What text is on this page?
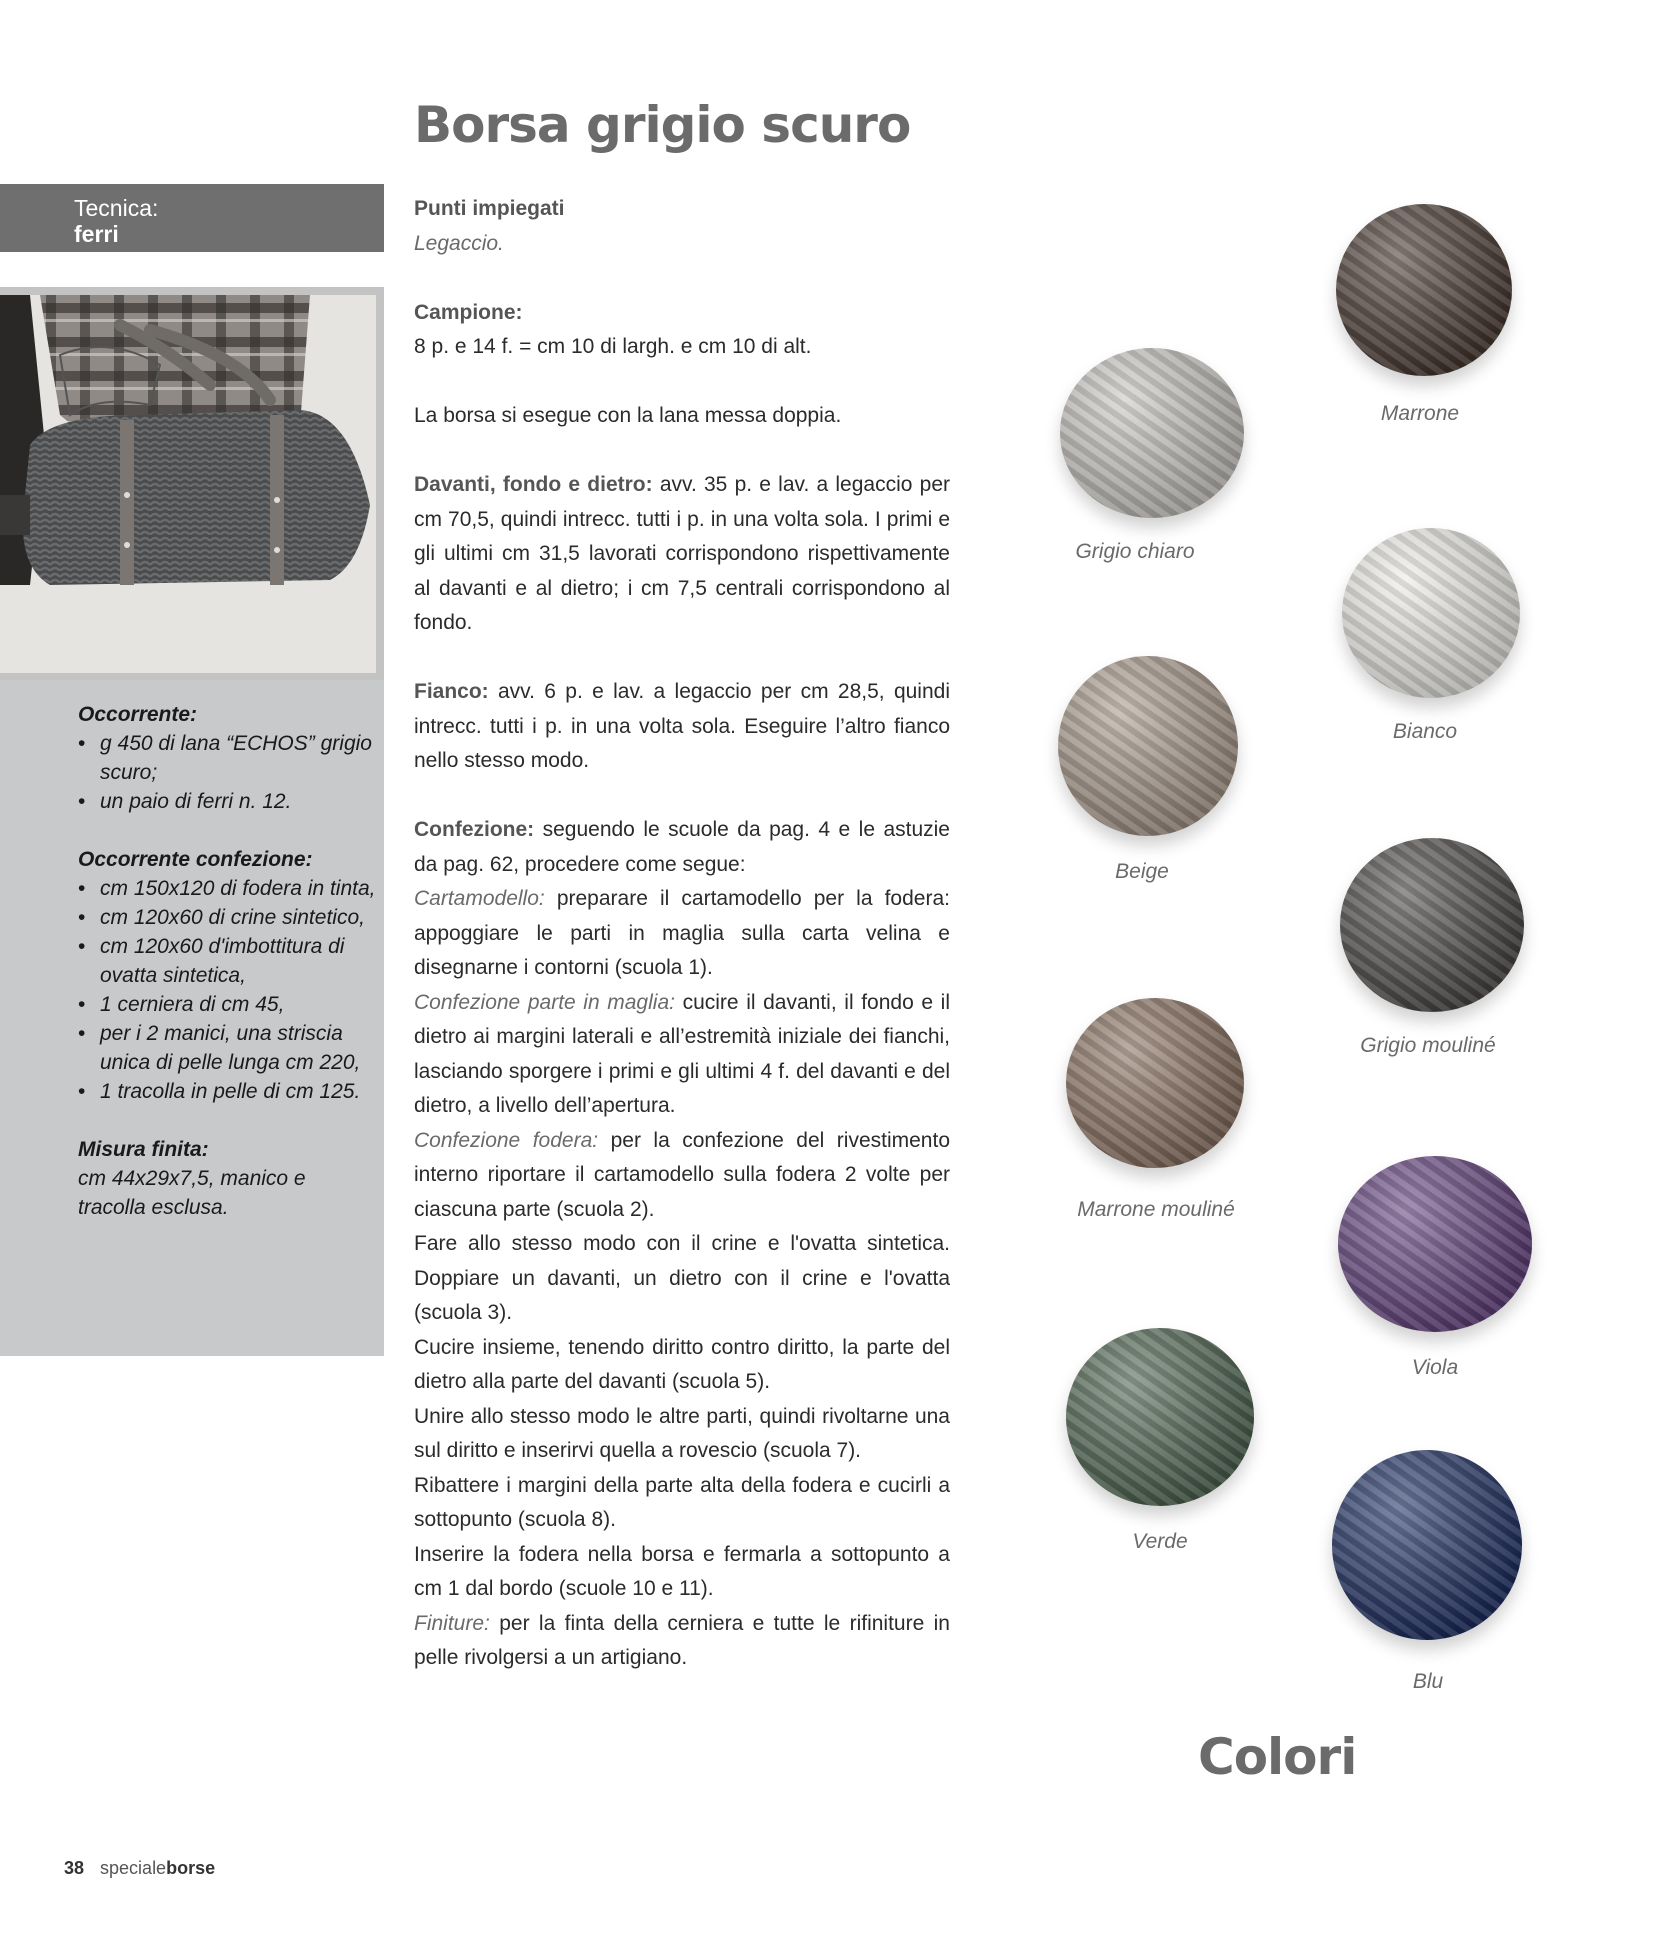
Borsa grigio scuro
Tecnica:
ferri
Occorrente:
• g 450 di lana “ECHOS” grigio scuro;
• un paio di ferri n. 12.
Occorrente confezione:
• cm 150x120 di fodera in tinta,
• cm 120x60 di crine sintetico,
• cm 120x60 d'imbottitura di ovatta sintetica,
• 1 cerniera di cm 45,
• per i 2 manici, una striscia unica di pelle lunga cm 220,
• 1 tracolla in pelle di cm 125.
Misura finita:
cm 44x29x7,5, manico e tracolla esclusa.

Punti impiegati

Legaccio.

Campione:

8 p. e 14 f. = cm 10 di largh. e cm 10 di alt.

La borsa si esegue con la lana messa doppia.

Davanti, fondo e dietro: avv. 35 p. e lav. a legaccio per cm 70,5, quindi intrecc. tutti i p. in una volta sola. I primi e gli ultimi cm 31,5 lavorati corrispondono rispettivamente al davanti e al dietro; i cm 7,5 centrali corrispondono al fondo.

Fianco: avv. 6 p. e lav. a legaccio per cm 28,5, quindi intrecc. tutti i p. in una volta sola. Eseguire l’altro fianco nello stesso modo.

Confezione: seguendo le scuole da pag. 4 e le astuzie da pag. 62, procedere come segue:

Cartamodello: preparare il cartamodello per la fodera: appoggiare le parti in maglia sulla carta velina e disegnarne i contorni (scuola 1).

Confezione parte in maglia: cucire il davanti, il fondo e il dietro ai margini laterali e all’estremità iniziale dei fianchi, lasciando sporgere i primi e gli ultimi 4 f. del davanti e del dietro, a livello dell’apertura.

Confezione fodera: per la confezione del rivestimento interno riportare il cartamodello sulla fodera 2 volte per ciascuna parte (scuola 2).

Fare allo stesso modo con il crine e l'ovatta sintetica. Doppiare un davanti, un dietro con il crine e l'ovatta (scuola 3).

Cucire insieme, tenendo diritto contro diritto, la parte del dietro alla parte del davanti (scuola 5).

Unire allo stesso modo le altre parti, quindi rivoltarne una sul diritto e inserirvi quella a rovescio (scuola 7).

Ribattere i margini della parte alta della fodera e cucirli a sottopunto (scuola 8).

Inserire la fodera nella borsa e fermarla a sottopunto a cm 1 dal bordo (scuole 10 e 11).

Finiture: per la finta della cerniera e tutte le rifiniture in pelle rivolgersi a un artigiano.

Marrone
Grigio chiaro
Bianco
Beige
Grigio mouliné
Marrone mouliné
Viola
Verde
Blu
Colori
38 specialeborse
